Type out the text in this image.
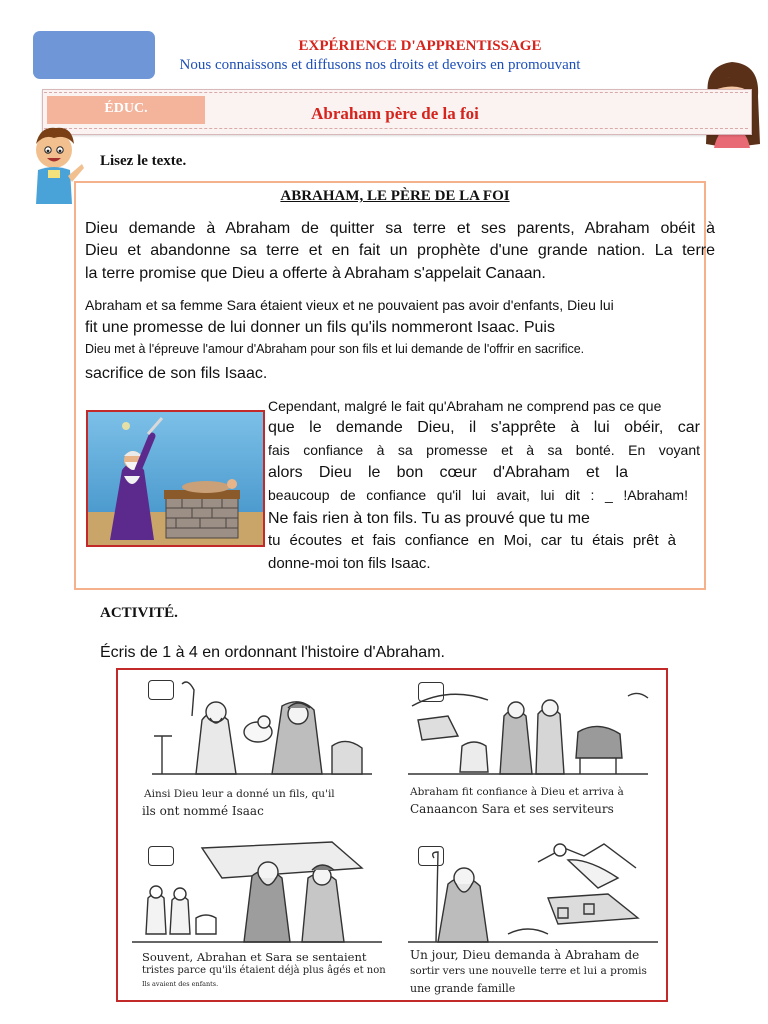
EXPÉRIENCE D'APPRENTISSAGE
Nous connaissons et diffusons nos droits et devoirs en promouvant
ÉDUC.	Abraham père de la foi
Lisez le texte.
ABRAHAM, LE PÈRE DE LA FOI
Dieu demande à Abraham de quitter sa terre et ses parents, Abraham obéit à
Dieu et abandonne sa terre et en fait un prophète d'une grande nation. La terre
la terre promise que Dieu a offerte à Abraham s'appelait Canaan.
Abraham et sa femme Sara étaient vieux et ne pouvaient pas avoir d'enfants, Dieu lui
fit une promesse de lui donner un fils qu'ils nommeront Isaac. Puis
Dieu met à l'épreuve l'amour d'Abraham pour son fils et lui demande de l'offrir en sacrifice.
sacrifice de son fils Isaac.
Cependant, malgré le fait qu'Abraham ne comprend pas ce que
que le demande Dieu, il s'apprête à lui obéir, car
fais confiance à sa promesse et à sa bonté. En voyant
alors Dieu le bon cœur d'Abraham et la
beaucoup de confiance qu'il lui avait, lui dit : _ !Abraham!
Ne fais rien à ton fils. Tu as prouvé que tu me
tu écoutes et fais confiance en Moi, car tu étais prêt à
donne-moi ton fils Isaac.
ACTIVITÉ.
Écris de 1 à 4 en ordonnant l'histoire d'Abraham.
Ainsi Dieu leur a donné un fils, qu'il
ils ont nommé Isaac
Abraham fit confiance à Dieu et arriva à
Canaancon Sara et ses serviteurs
Souvent, Abrahan et Sara se sentaient
tristes parce qu'ils étaient déjà plus âgés et non
Ils avaient des enfants.
Un jour, Dieu demanda à Abraham de
sortir vers une nouvelle terre et lui a promis
une grande famille
